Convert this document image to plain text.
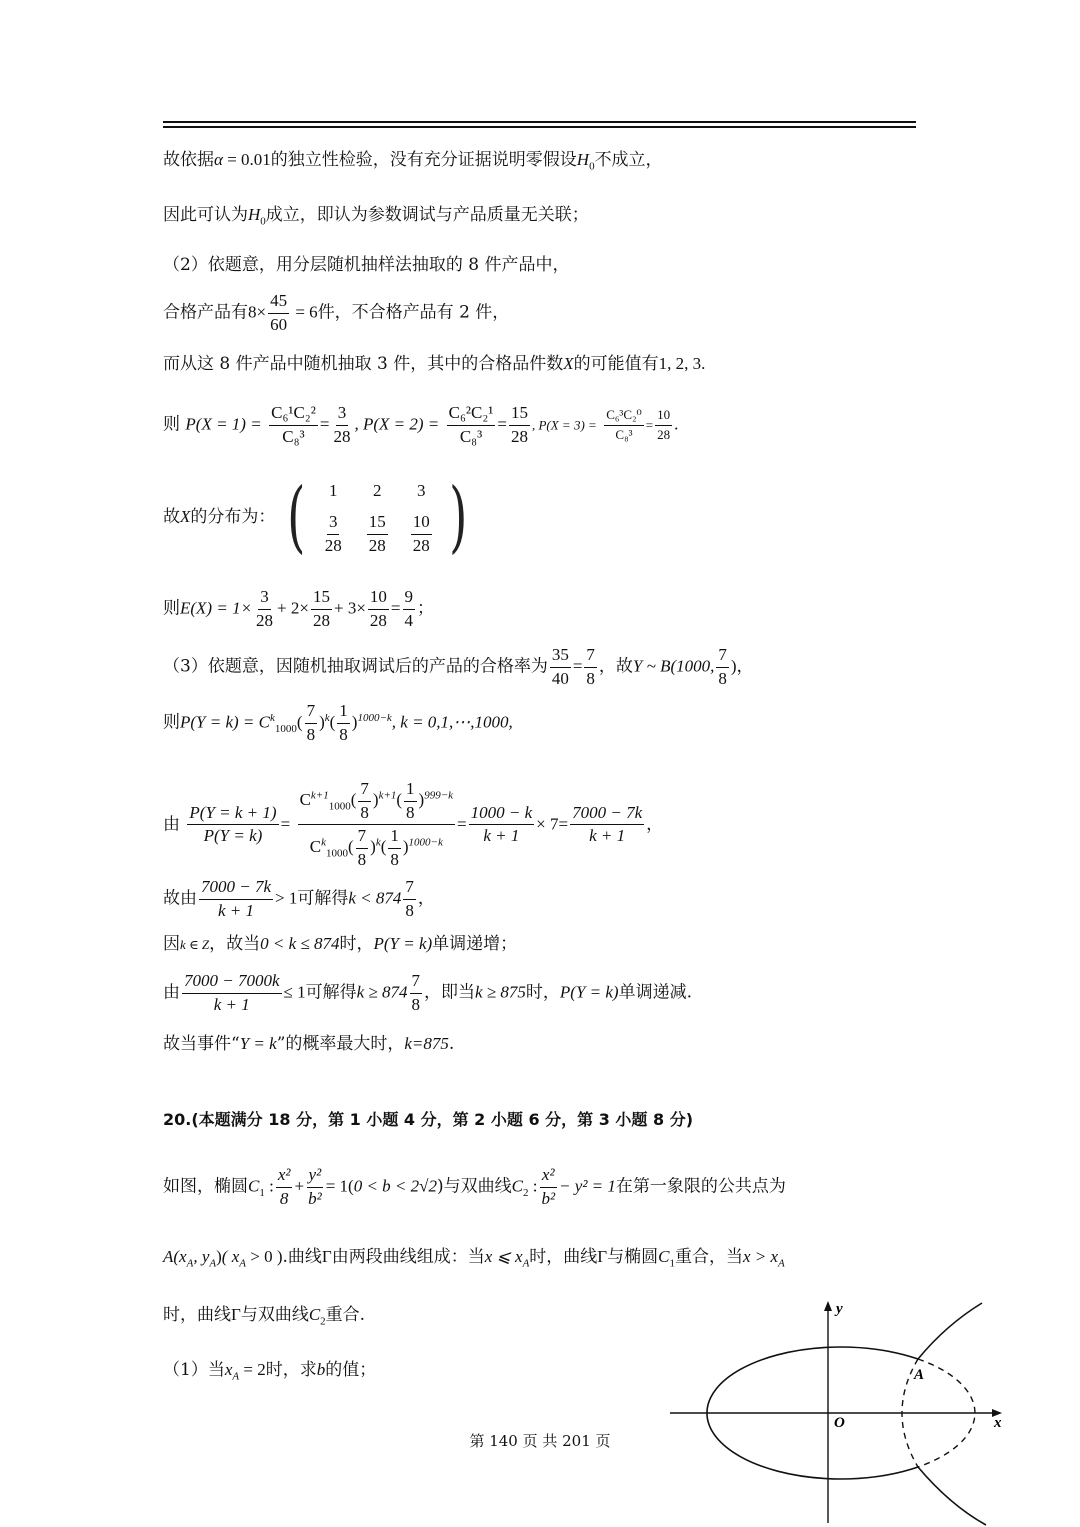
故依据α = 0.01的独立性检验，没有充分证据说明零假设$H_0$不成立，
因此可认为$H_0$成立，即认为参数调试与产品质量无关联；
（2）依题意，用分层随机抽样法抽取的 8 件产品中，
合格产品有$8\times \frac{45}{60} = 6$件，不合格产品有 2 件，
而从这 8 件产品中随机抽取 3 件，其中的合格品件数X的可能值有1, 2, 3.
则 $P(X = 1) = \frac{\text{C₆¹C₂²}}{\text{C₈³}} = \frac{3}{28}$ , $P(X = 2) = \frac{\text{C₆²C₂¹}}{\text{C₈³}} = \frac{15}{28}$ , $P(X = 3) = \frac{\text{C₆³C₂⁰}}{\text{C₈³}} = \frac{10}{28}$ .
故X的分布为： (	1	2	3
$\frac{3}{28} \frac{15}{28} \frac{10}{28}$ )
则$E(X) = 1\times \frac{3}{28} + 2\times \frac{15}{28} + 3\times \frac{10}{28} = \frac{9}{4}$ ；
（3）依题意，因随机抽取调试后的产品的合格率为 $\frac{35}{40} = \frac{7}{8}$ ，故Y ~ B(1000, $\frac{7}{8}$ )，
则$P(Y = k) = C^k_{1000}( \frac{7}{8} )^k( \frac{1}{8} )^{1000-k}$, k = 0,1,⋯,1000,
由 $\frac{P(Y = k + 1)}{P(Y = k)} = \frac{C^{k+1}_{1000}( \frac{7}{8} )^{k+1}( \frac{1}{8} )^{999-k}}{C^k_{1000}( \frac{7}{8} )^k( \frac{1}{8} )^{1000-k}} = \frac{1000 - k}{k + 1} \times 7= \frac{7000 - 7k}{k + 1}$ ，
故由 $\frac{7000 - 7k}{k + 1} > 1$可解得$k < 874 \frac{7}{8}$ ，
因k ∈ Z，故当0 < k ≤ 874时，P(Y = k)单调递增；
由 $\frac{7000 - 7000k}{k + 1} \le 1$可解得$k \ge 874 \frac{7}{8}$ ，即当k ≥ 875时，P(Y = k)单调递减.
故当事件“Y = k”的概率最大时，k=875.
20.(本题满分 18 分，第 1 小题 4 分，第 2 小题 6 分，第 3 小题 8 分)
如图，椭圆$C_1$ : $\frac{\text{x²}}{8} + \frac{\text{y²}}{\text{b²}} = 1(0 < b < 2√2)$与双曲线$C_2$ : $\frac{\text{x²}}{\text{b²}} - y^2 = 1$在第一象限的公共点为
$A(x_A$, $y_A$)( $x_A > 0$ ).曲线Γ由两段曲线组成：当x ⩽ $x_A$时，曲线Γ与椭圆$C_1$重合，当$x > x_A$
时，曲线Γ与双曲线$C_2$重合.
（1）当$x_A = 2$时，求b的值；
y
x
O
A
第 140 页 共 201 页
